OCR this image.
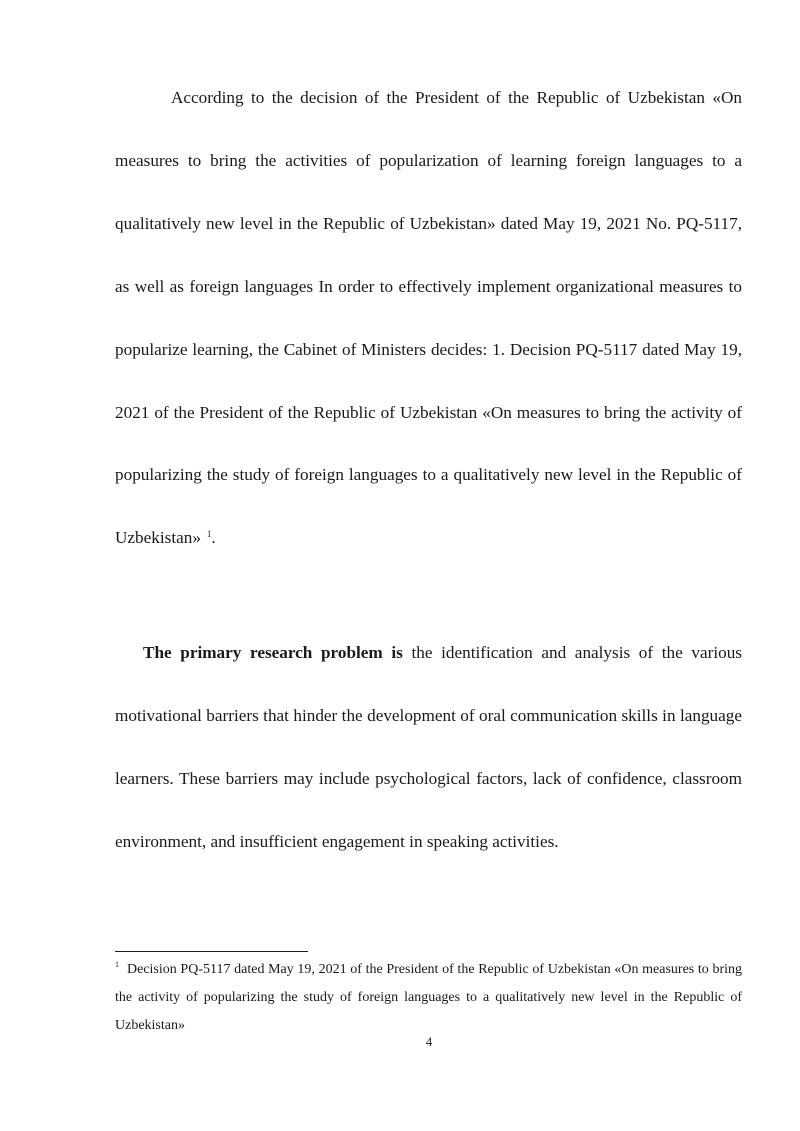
According to the decision of the President of the Republic of Uzbekistan «On measures to bring the activities of popularization of learning foreign languages to a qualitatively new level in the Republic of Uzbekistan» dated May 19, 2021 No. PQ-5117, as well as foreign languages In order to effectively implement organizational measures to popularize learning, the Cabinet of Ministers decides: 1. Decision PQ-5117 dated May 19, 2021 of the President of the Republic of Uzbekistan «On measures to bring the activity of popularizing the study of foreign languages to a qualitatively new level in the Republic of Uzbekistan» $^1$.

The primary research problem is the identification and analysis of the various motivational barriers that hinder the development of oral communication skills in language learners. These barriers may include psychological factors, lack of confidence, classroom environment, and insufficient engagement in speaking activities.

$^1$ Decision PQ-5117 dated May 19, 2021 of the President of the Republic of Uzbekistan «On measures to bring the activity of popularizing the study of foreign languages to a qualitatively new level in the Republic of Uzbekistan»

4
